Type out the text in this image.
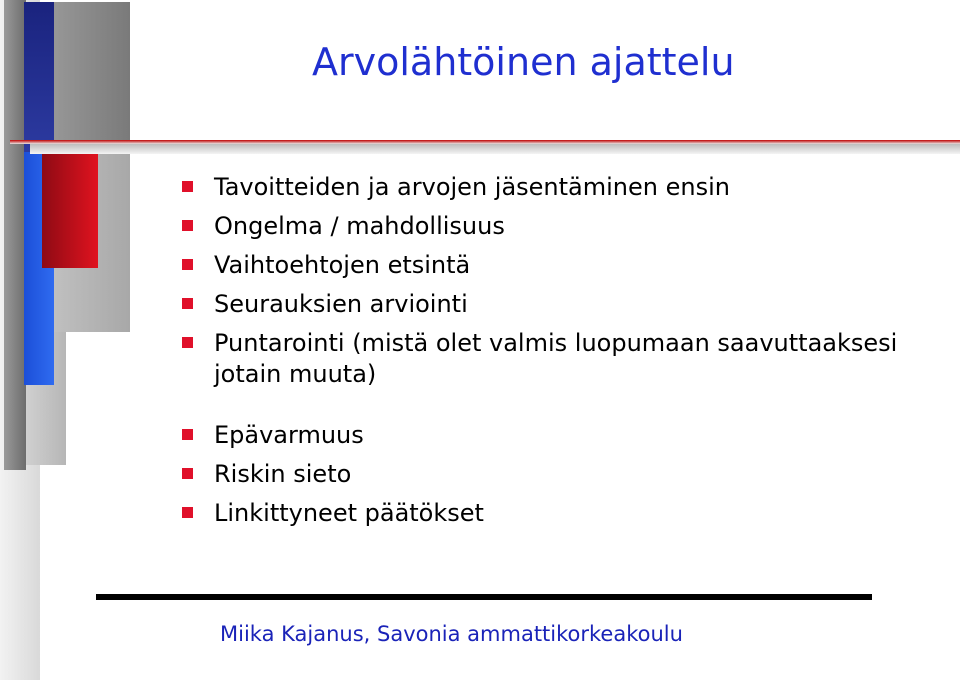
Arvolähtöinen ajattelu
Tavoitteiden ja arvojen jäsentäminen ensin
Ongelma / mahdollisuus
Vaihtoehtojen etsintä
Seurauksien arviointi
Puntarointi (mistä olet valmis luopumaan saavuttaaksesi jotain muuta)
Epävarmuus
Riskin sieto
Linkittyneet päätökset

Miika Kajanus, Savonia ammattikorkeakoulu
